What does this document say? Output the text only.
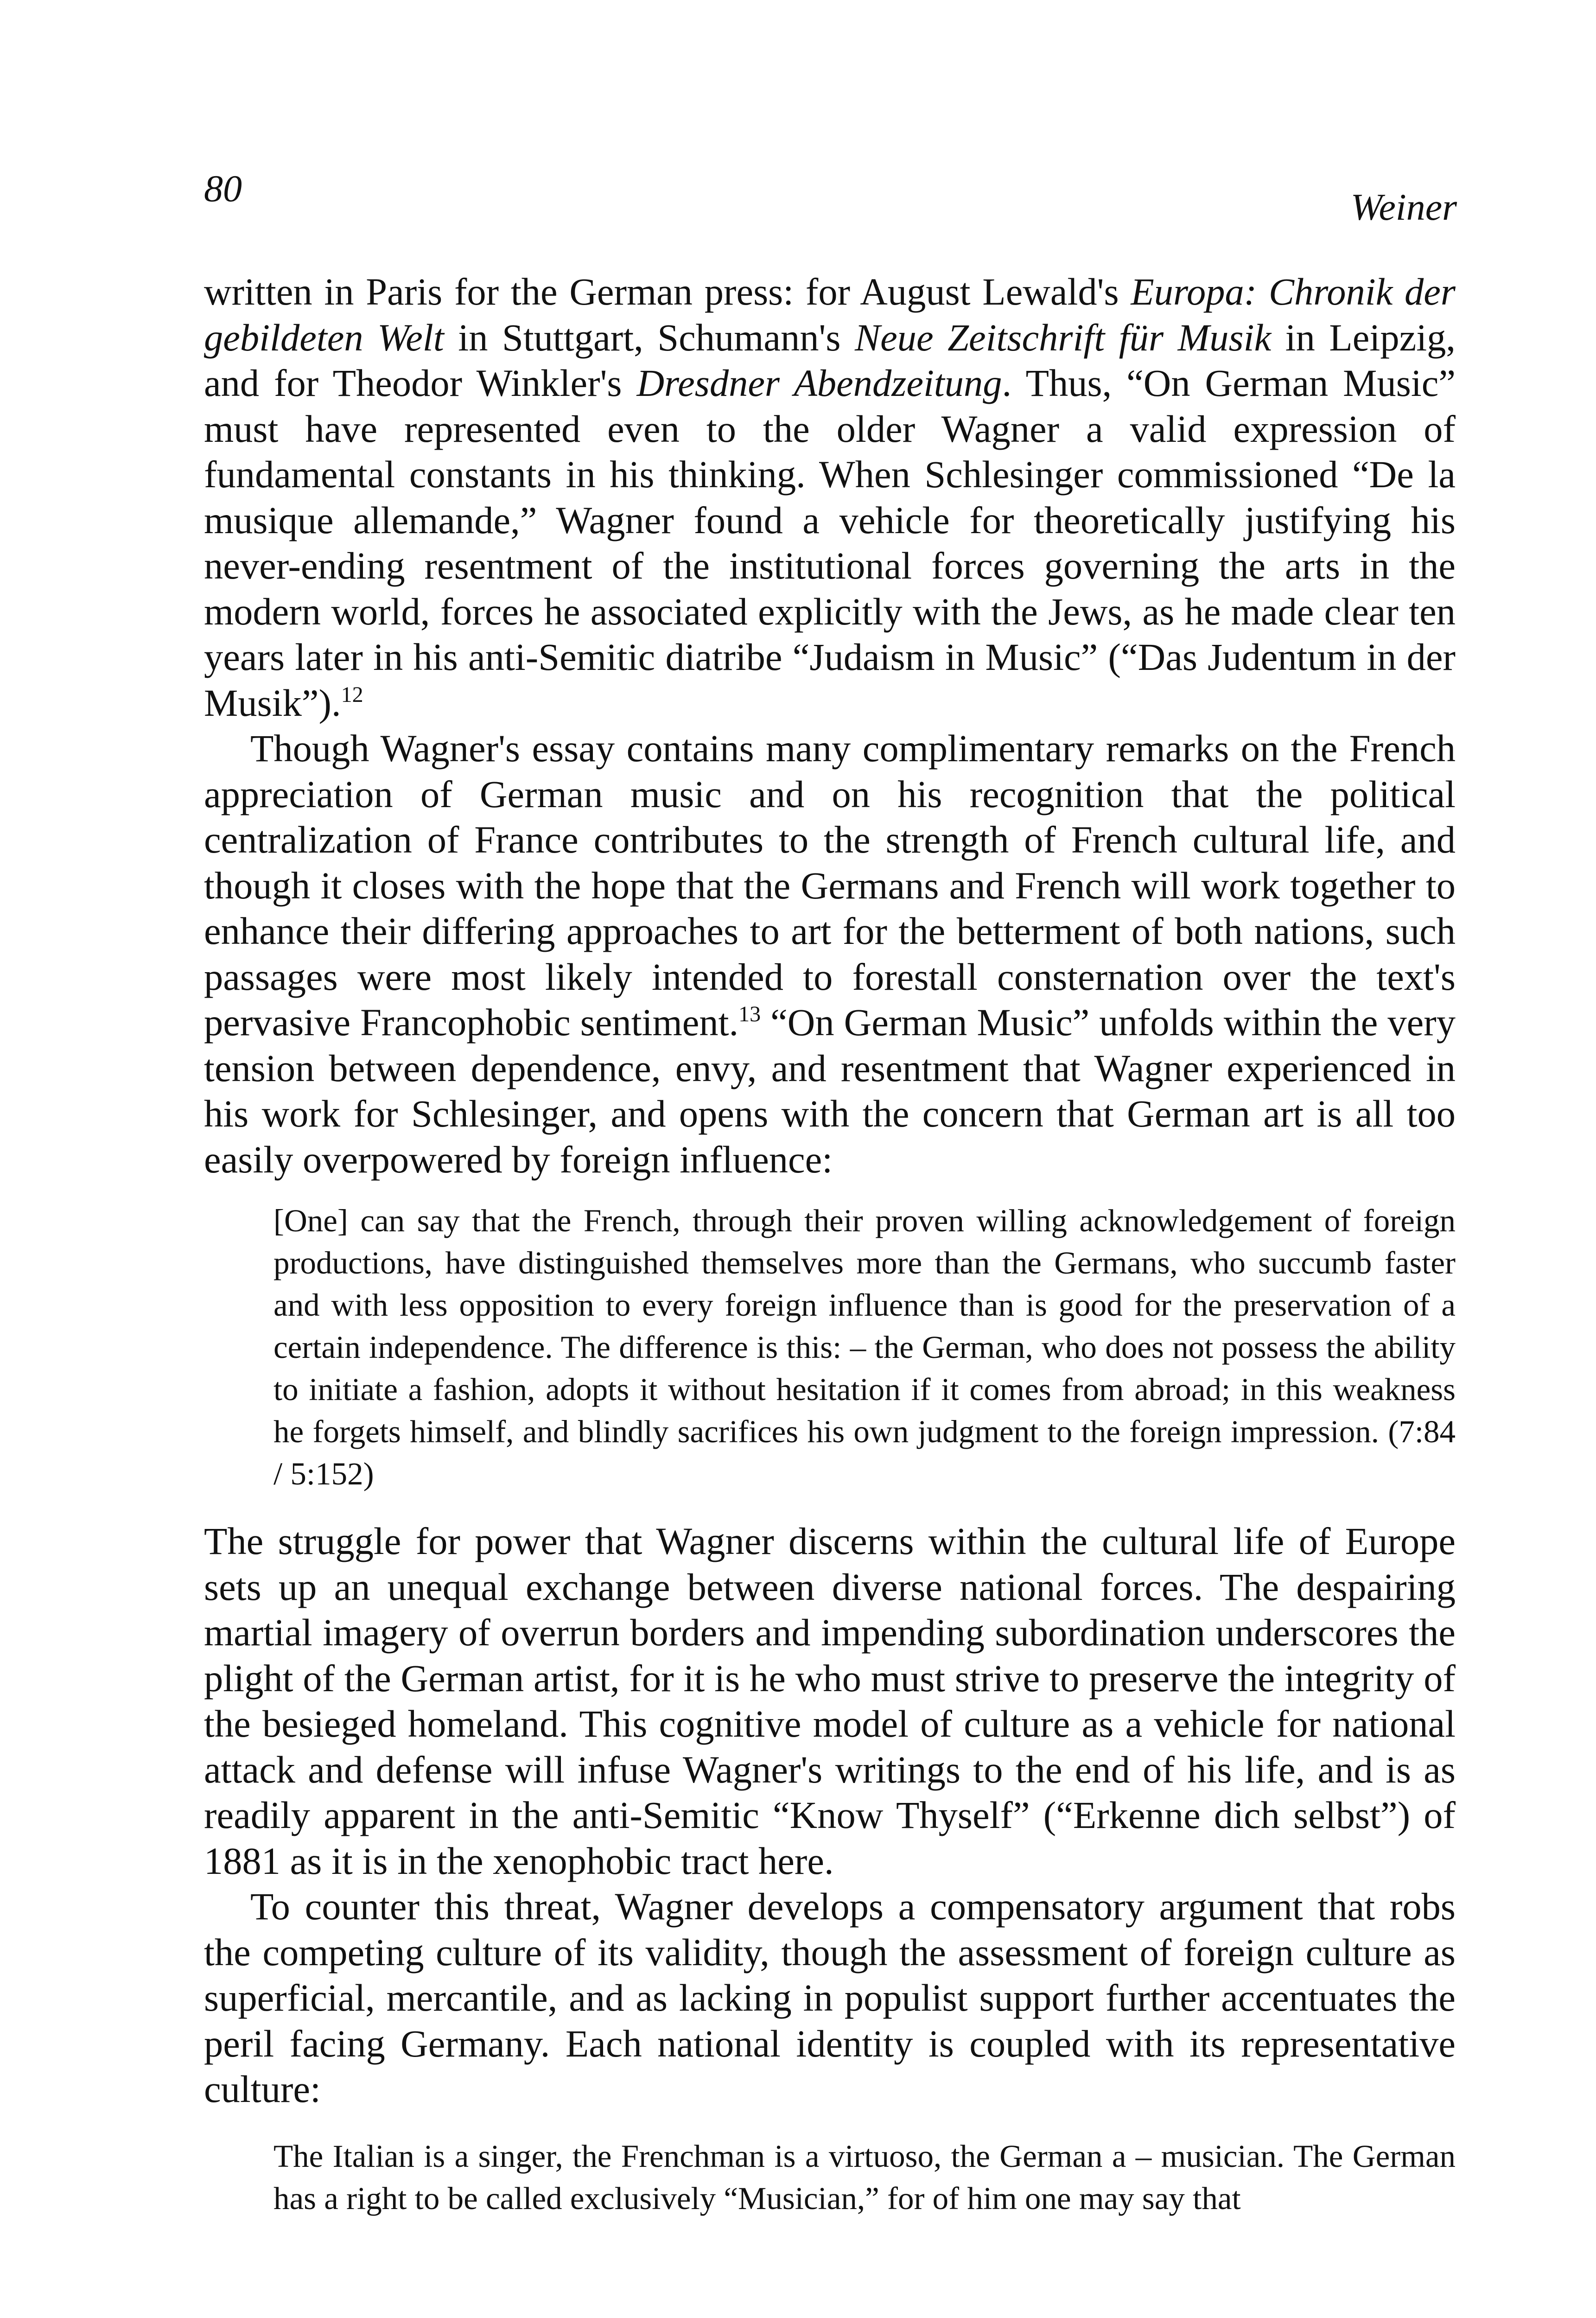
80	Weiner

written in Paris for the German press: for August Lewald's Europa: Chronik der gebildeten Welt in Stuttgart, Schumann's Neue Zeitschrift für Musik in Leipzig, and for Theodor Winkler's Dresdner Abendzeitung. Thus, “On German Music” must have represented even to the older Wagner a valid expression of fundamental constants in his thinking. When Schlesinger commissioned “De la musique allemande,” Wagner found a vehicle for theoretically justifying his never-ending resentment of the institutional forces governing the arts in the modern world, forces he associated explicitly with the Jews, as he made clear ten years later in his anti-Semitic diatribe “Judaism in Music” (“Das Judentum in der Musik”).$^{12}$

Though Wagner's essay contains many complimentary remarks on the French appreciation of German music and on his recognition that the political centralization of France contributes to the strength of French cultural life, and though it closes with the hope that the Germans and French will work together to enhance their differing approaches to art for the betterment of both nations, such passages were most likely intended to forestall consternation over the text's pervasive Francophobic sentiment.$^{13}$ “On German Music” unfolds within the very tension between dependence, envy, and resentment that Wagner experienced in his work for Schlesinger, and opens with the concern that German art is all too easily overpowered by foreign influence:

[One] can say that the French, through their proven willing acknowledgement of foreign productions, have distinguished themselves more than the Germans, who succumb faster and with less opposition to every foreign influence than is good for the preservation of a certain independence. The difference is this: – the German, who does not possess the ability to initiate a fashion, adopts it without hesitation if it comes from abroad; in this weakness he forgets himself, and blindly sacrifices his own judgment to the foreign impression. (7:84 / 5:152)

The struggle for power that Wagner discerns within the cultural life of Europe sets up an unequal exchange between diverse national forces. The despairing martial imagery of overrun borders and impending subordination underscores the plight of the German artist, for it is he who must strive to preserve the integrity of the besieged homeland. This cognitive model of culture as a vehicle for national attack and defense will infuse Wagner's writings to the end of his life, and is as readily apparent in the anti-Semitic “Know Thyself” (“Erkenne dich selbst”) of 1881 as it is in the xenophobic tract here.

To counter this threat, Wagner develops a compensatory argument that robs the competing culture of its validity, though the assessment of foreign culture as superficial, mercantile, and as lacking in populist support further accentuates the peril facing Germany. Each national identity is coupled with its representative culture:

The Italian is a singer, the Frenchman is a virtuoso, the German a – musician. The German has a right to be called exclusively “Musician,” for of him one may say that
